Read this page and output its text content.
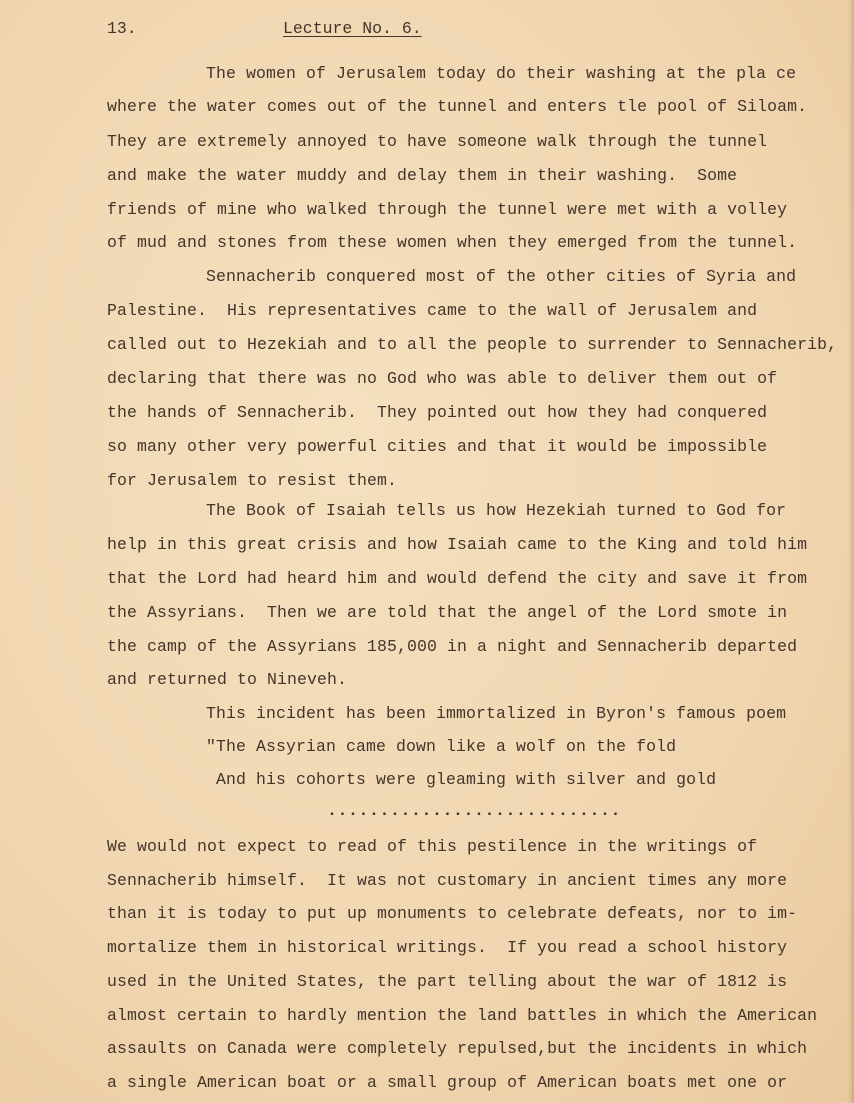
13.	Lecture No. 6.
The women of Jerusalem today do their washing at the pla ce
where the water comes out of the tunnel and enters tle pool of Siloam.
They are extremely annoyed to have someone walk through the tunnel
and make the water muddy and delay them in their washing.  Some
friends of mine who walked through the tunnel were met with a volley
of mud and stones from these women when they emerged from the tunnel.
Sennacherib conquered most of the other cities of Syria and
Palestine.  His representatives came to the wall of Jerusalem and
called out to Hezekiah and to all the people to surrender to Sennacherib,
declaring that there was no God who was able to deliver them out of
the hands of Sennacherib.  They pointed out how they had conquered
so many other very powerful cities and that it would be impossible
for Jerusalem to resist them.
The Book of Isaiah tells us how Hezekiah turned to God for
help in this great crisis and how Isaiah came to the King and told him
that the Lord had heard him and would defend the city and save it from
the Assyrians.  Then we are told that the angel of the Lord smote in
the camp of the Assyrians 185,000 in a night and Sennacherib departed
and returned to Nineveh.
This incident has been immortalized in Byron's famous poem
"The Assyrian came down like a wolf on the fold
And his cohorts were gleaming with silver and gold
............................
We would not expect to read of this pestilence in the writings of
Sennacherib himself.  It was not customary in ancient times any more
than it is today to put up monuments to celebrate defeats, nor to im-
mortalize them in historical writings.  If you read a school history
used in the United States, the part telling about the war of 1812 is
almost certain to hardly mention the land battles in which the American
assaults on Canada were completely repulsed,but the incidents in which
a single American boat or a small group of American boats met one or
